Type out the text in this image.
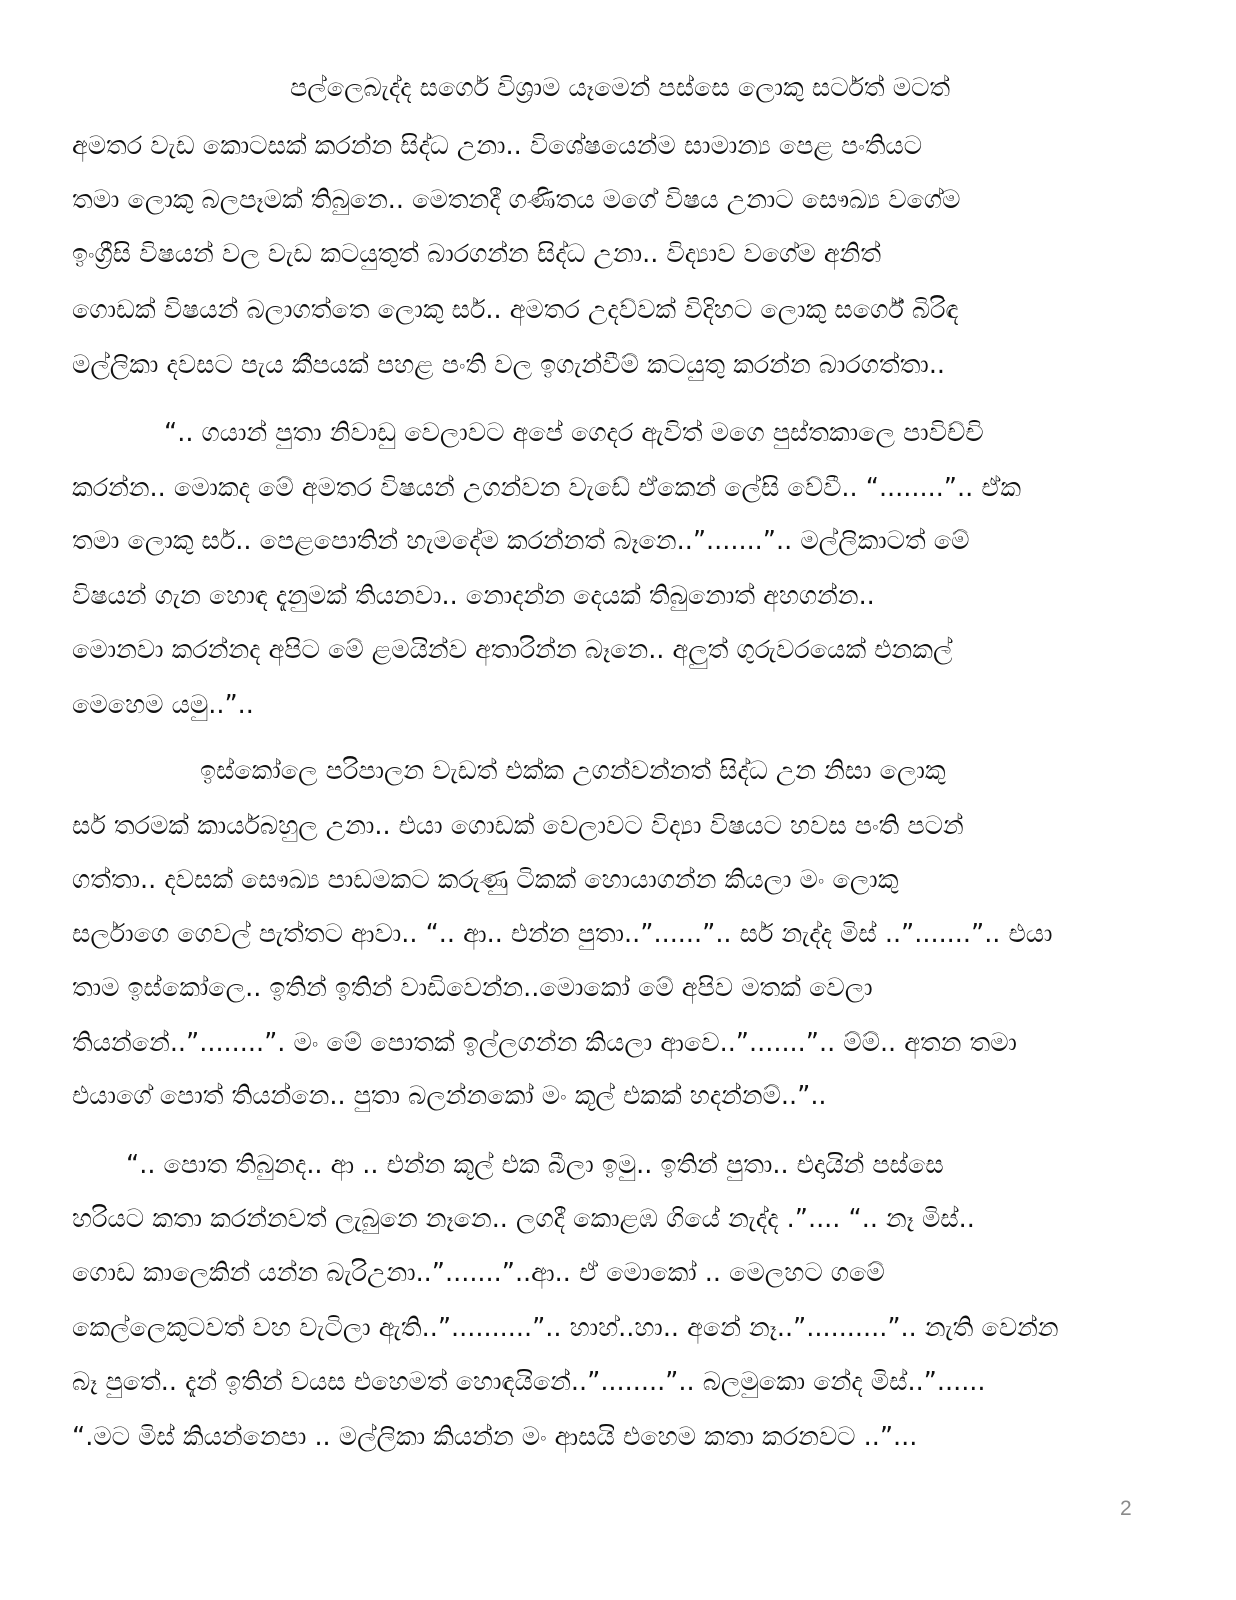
පල්ලෙබැද්ද සර්ගෙ විශ්‍රාම යෑමෙන් පස්සෙ ලොකු සර්ටත් මටත්
අමතර වැඩ කොටසක් කරන්න සිද්ධ උනා.. විශේෂයෙන්ම සාමාන්‍ය පෙළ පංතියට
තමා ලොකු බලපෑමක් තිබුනෙ.. මෙතනදී ගණිතය මගේ විෂය උනාට සෞඛ්‍ය වගේම
ඉංග්‍රීසි විෂයන් වල වැඩ කටයුතුත් බාරගන්න සිද්ධ උනා.. විද්‍යාව වගේම අනිත්
ගොඩක් විෂයන් බලාගත්තෙ ලොකු සර්.. අමතර උදව්වක් විදිහට ලොකු සර්ගේ බිරිඳ
මල්ලිකා දවසට පැය කීපයක් පහළ පංති වල ඉගැන්වීම් කටයුතු කරන්න බාරගත්තා..
“.. ගයාන් පුතා නිවාඩු වෙලාවට අපේ ගෙදර ඇවිත් මගෙ පුස්තකාලෙ පාවිච්චි
කරන්න.. මොකද මේ අමතර විෂයන් උගන්වන වැඩේ ඒකෙන් ලේසි වේවී.. “........”.. ඒක
තමා ලොකු සර්.. පෙළපොතින් හැමදේම කරන්නත් බෑනෙ..”.......”.. මල්ලිකාටත් මේ
විෂයන් ගැන හොඳ දැනුමක් තියනවා.. නොදන්න දෙයක් තිබුනොත් අහගන්න..
මොනවා කරන්නද අපිට මේ ළමයින්ව අතාරින්න බෑනෙ.. අලුත් ගුරුවරයෙක් එනකල්
මෙහෙම යමු..”..
ඉස්කෝලෙ පරිපාලන වැඩත් එක්ක උගන්වන්නත් සිද්ධ උන නිසා ලොකු
සර් තරමක් කාර්යබහුල උනා.. එයා ගොඩක් වෙලාවට විද්‍යා විෂයට හවස පංති පටන්
ගත්තා.. දවසක් සෞඛ්‍ය පාඩමකට කරුණු ටිකක් හොයාගන්න කියලා මං ලොකු
සර්ලාගෙ ගෙවල් පැත්තට ආවා.. “.. ආ.. එන්න පුතා..”......”.. සර් නැද්ද මිස් ..”.......”.. එයා
තාම ඉස්කෝලෙ.. ඉතින් ඉතින් වාඩිවෙන්න..මොකෝ මේ අපිව මතක් වෙලා
තියන්නේ..”........”. මං මේ පොතක් ඉල්ලගන්න කියලා ආවෙ..”.......”.. ම්ම්.. අතන තමා
එයාගේ පොත් තියන්නෙ.. පුතා බලන්නකෝ මං කූල් එකක් හදන්නම්..”..
“.. පොත තිබුනද.. ආ .. එන්න කූල් එක බීලා ඉමු.. ඉතින් පුතා.. එදායින් පස්සෙ
හරියට කතා කරන්නවත් ලැබුනෙ නෑනෙ.. ලගදී කොළඹ ගියේ නැද්ද .”.... “.. නෑ මිස්..
ගොඩ කාලෙකින් යන්න බැරිඋනා..”.......”..ආ.. ඒ මොකෝ .. මෙලහට ගමේ
කෙල්ලෙකුටවත් වහ වැටිලා ඇති..”..........”.. හාහ්..හා.. අනේ නෑ..”..........”.. නැති වෙන්න
බෑ පුතේ.. දැන් ඉතින් වයස එහෙමත් හොඳයිනේ..”........”.. බලමුකො නේද මිස්..”......
“.මට මිස් කියන්නෙපා .. මල්ලිකා කියන්න මං ආසයි එහෙම කතා කරනවට ..”...
2
